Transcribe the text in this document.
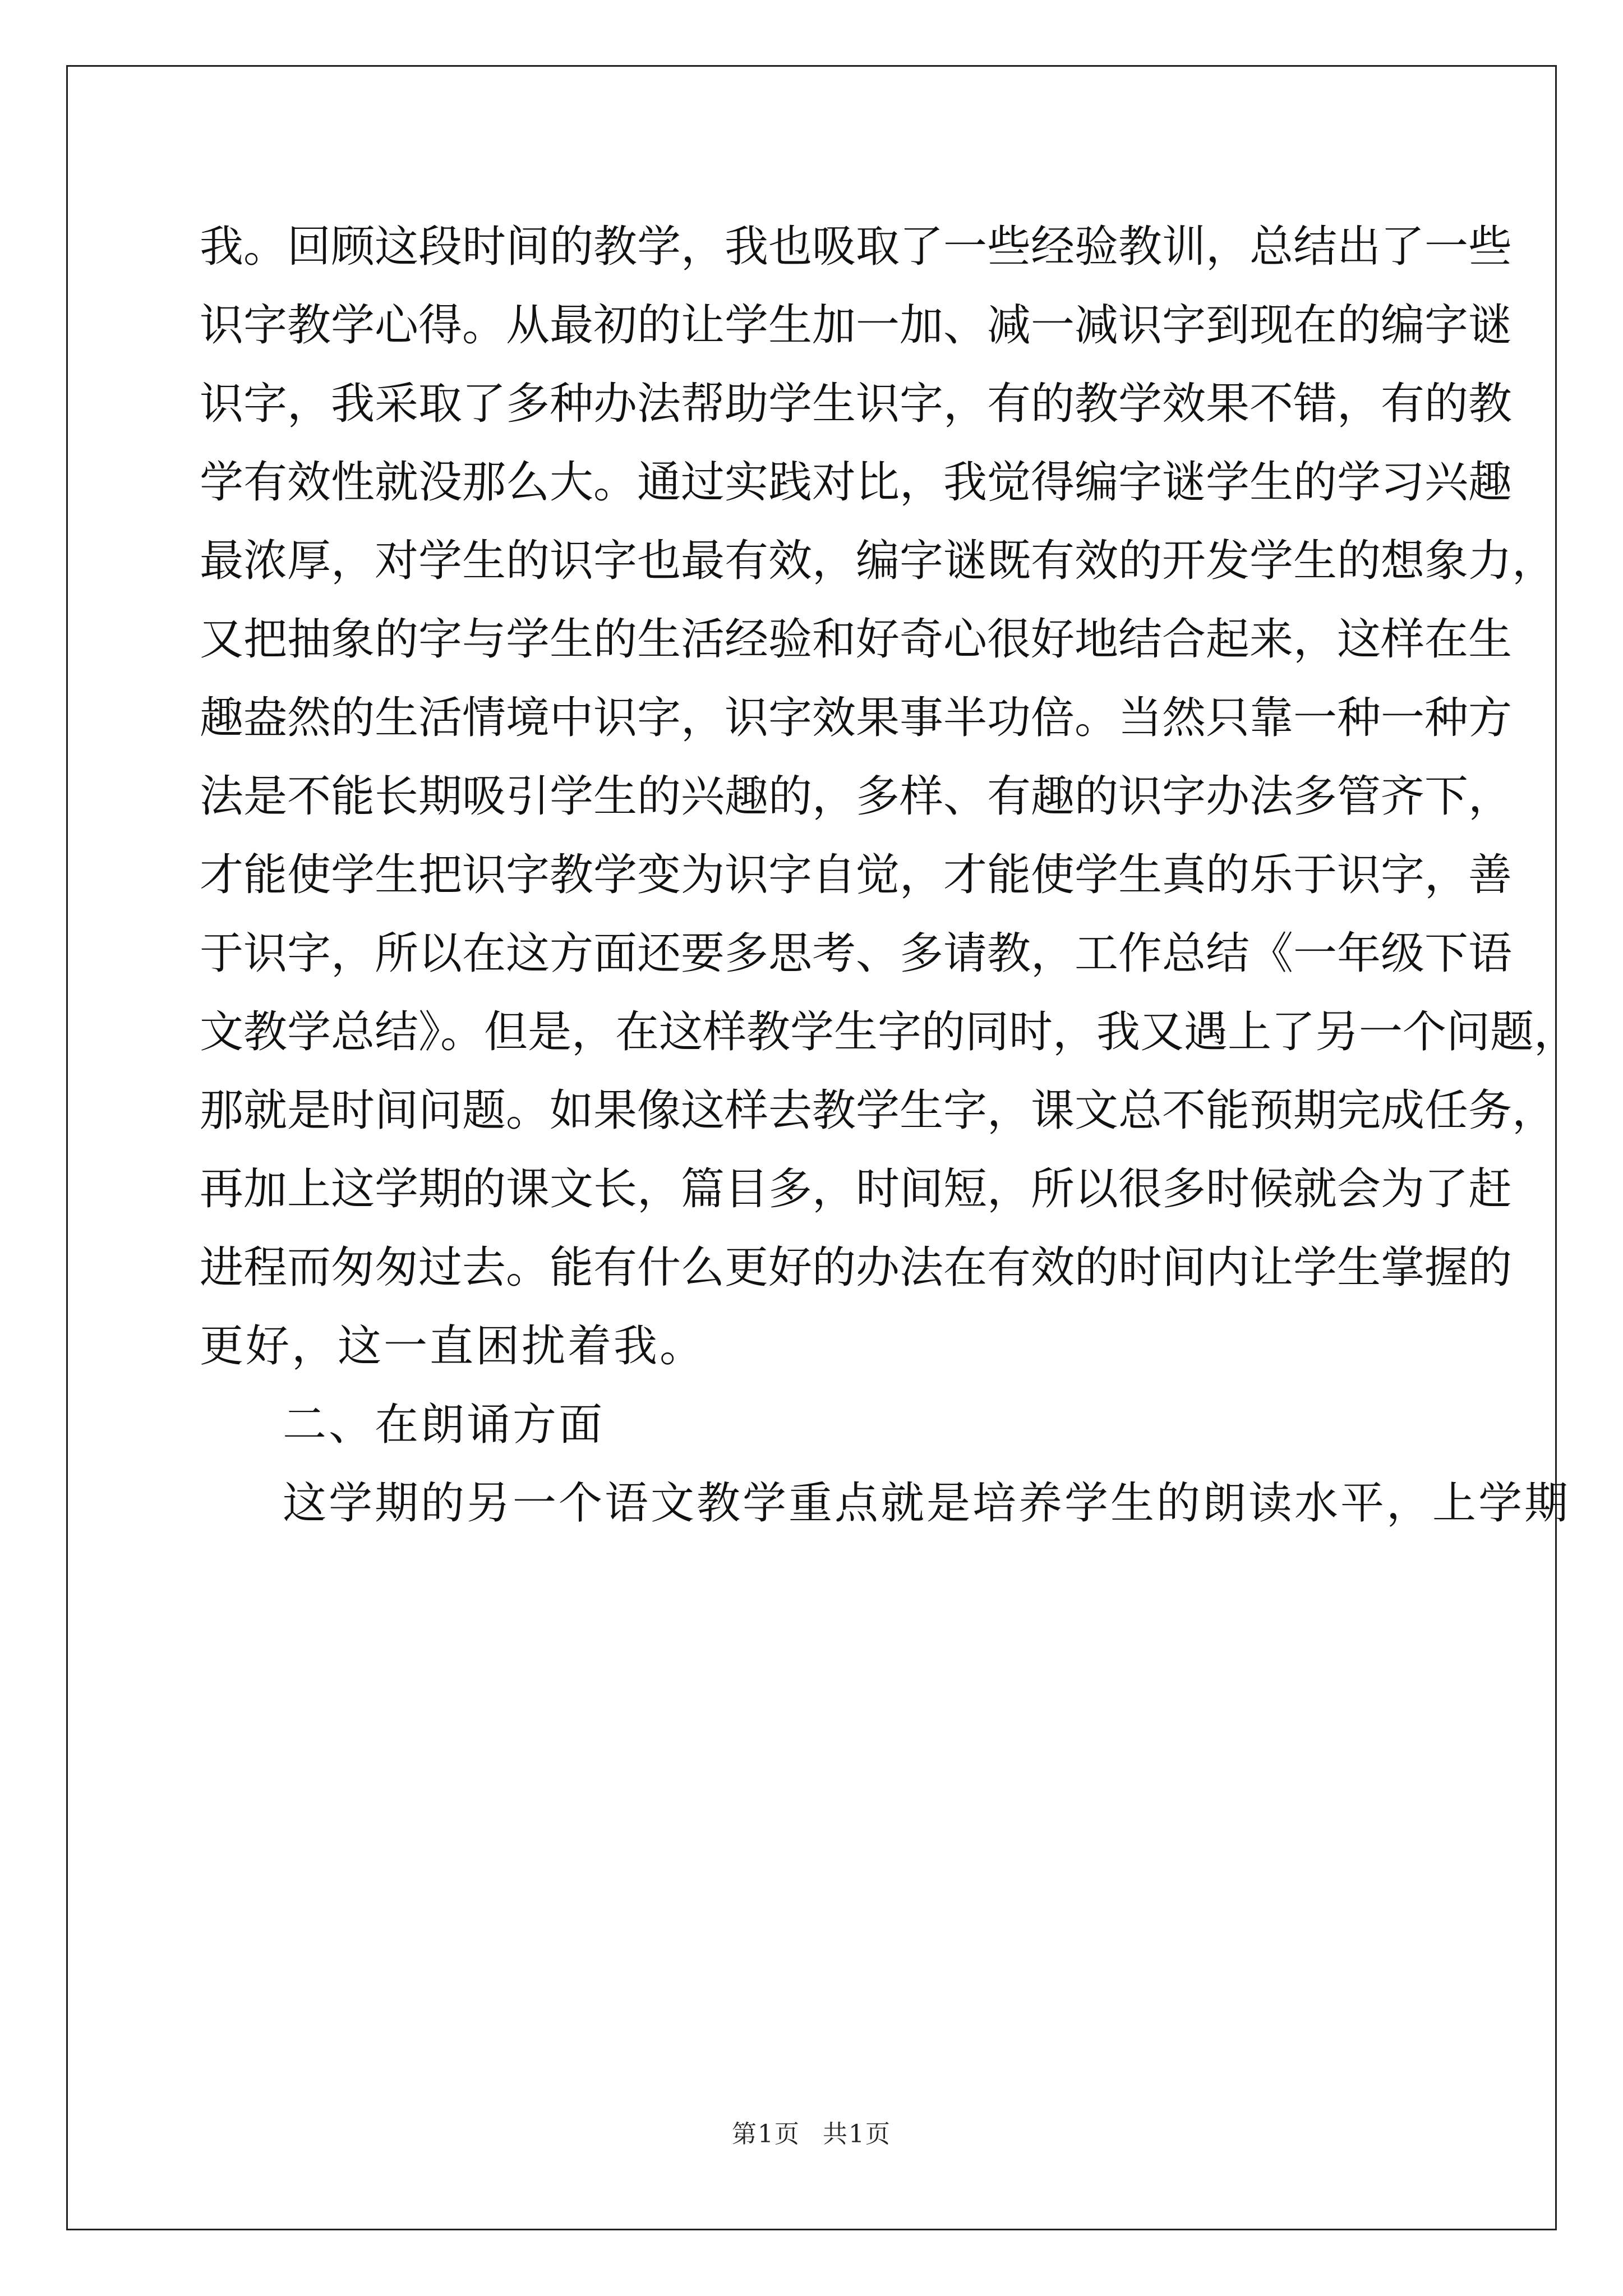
我。回顾这段时间的教学，我也吸取了一些经验教训，总结出了一些
识字教学心得。从最初的让学生加一加、减一减识字到现在的编字谜
识字，我采取了多种办法帮助学生识字，有的教学效果不错，有的教
学有效性就没那么大。通过实践对比，我觉得编字谜学生的学习兴趣
最浓厚，对学生的识字也最有效，编字谜既有效的开发学生的想象力，
又把抽象的字与学生的生活经验和好奇心很好地结合起来，这样在生
趣盎然的生活情境中识字，识字效果事半功倍。当然只靠一种一种方
法是不能长期吸引学生的兴趣的，多样、有趣的识字办法多管齐下，
才能使学生把识字教学变为识字自觉，才能使学生真的乐于识字，善
于识字，所以在这方面还要多思考、多请教，工作总结《一年级下语
文教学总结》。但是，在这样教学生字的同时，我又遇上了另一个问题，
那就是时间问题。如果像这样去教学生字，课文总不能预期完成任务，
再加上这学期的课文长，篇目多，时间短，所以很多时候就会为了赶
进程而匆匆过去。能有什么更好的办法在有效的时间内让学生掌握的
更好，这一直困扰着我。
二、在朗诵方面
这学期的另一个语文教学重点就是培养学生的朗读水平，上学期
第1页 共1页
